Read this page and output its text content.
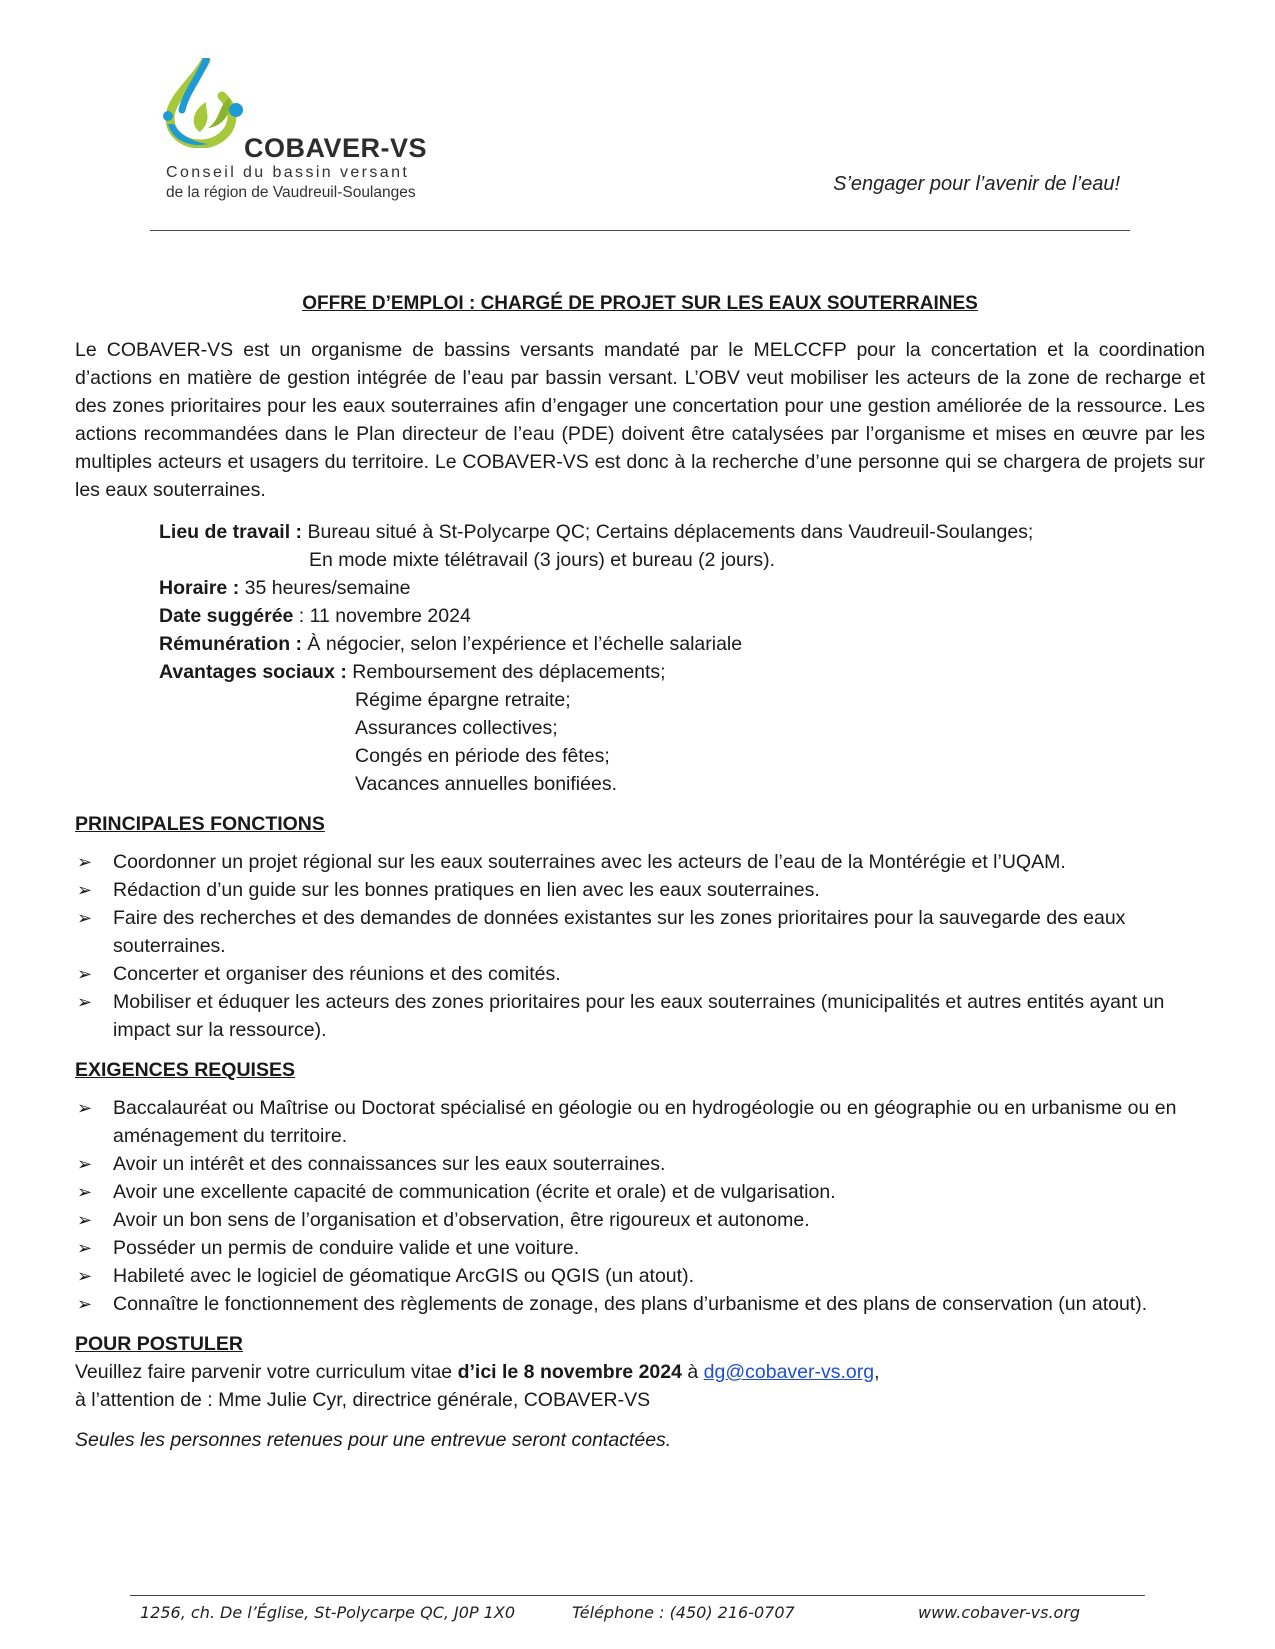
COBAVER-VS
Conseil du bassin versant
de la région de Vaudreuil-Soulanges	S’engager pour l’avenir de l’eau!
OFFRE D’EMPLOI : CHARGÉ DE PROJET SUR LES EAUX SOUTERRAINES
Le COBAVER-VS est un organisme de bassins versants mandaté par le MELCCFP pour la concertation et la coordination d’actions en matière de gestion intégrée de l’eau par bassin versant. L’OBV veut mobiliser les acteurs de la zone de recharge et des zones prioritaires pour les eaux souterraines afin d’engager une concertation pour une gestion améliorée de la ressource. Les actions recommandées dans le Plan directeur de l’eau (PDE) doivent être catalysées par l’organisme et mises en œuvre par les multiples acteurs et usagers du territoire. Le COBAVER-VS est donc à la recherche d’une personne qui se chargera de projets sur les eaux souterraines.
Lieu de travail : Bureau situé à St-Polycarpe QC; Certains déplacements dans Vaudreuil-Soulanges;
En mode mixte télétravail (3 jours) et bureau (2 jours).
Horaire : 35 heures/semaine
Date suggérée : 11 novembre 2024
Rémunération : À négocier, selon l’expérience et l’échelle salariale
Avantages sociaux : Remboursement des déplacements;
Régime épargne retraite;
Assurances collectives;
Congés en période des fêtes;
Vacances annuelles bonifiées.
PRINCIPALES FONCTIONS
➢ Coordonner un projet régional sur les eaux souterraines avec les acteurs de l’eau de la Montérégie et l’UQAM.
➢ Rédaction d’un guide sur les bonnes pratiques en lien avec les eaux souterraines.
➢ Faire des recherches et des demandes de données existantes sur les zones prioritaires pour la sauvegarde des eaux souterraines.
➢ Concerter et organiser des réunions et des comités.
➢ Mobiliser et éduquer les acteurs des zones prioritaires pour les eaux souterraines (municipalités et autres entités ayant un impact sur la ressource).
EXIGENCES REQUISES
➢ Baccalauréat ou Maîtrise ou Doctorat spécialisé en géologie ou en hydrogéologie ou en géographie ou en urbanisme ou en aménagement du territoire.
➢ Avoir un intérêt et des connaissances sur les eaux souterraines.
➢ Avoir une excellente capacité de communication (écrite et orale) et de vulgarisation.
➢ Avoir un bon sens de l’organisation et d’observation, être rigoureux et autonome.
➢ Posséder un permis de conduire valide et une voiture.
➢ Habileté avec le logiciel de géomatique ArcGIS ou QGIS (un atout).
➢ Connaître le fonctionnement des règlements de zonage, des plans d’urbanisme et des plans de conservation (un atout).
POUR POSTULER
Veuillez faire parvenir votre curriculum vitae d’ici le 8 novembre 2024 à dg@cobaver-vs.org,
à l’attention de : Mme Julie Cyr, directrice générale, COBAVER-VS
Seules les personnes retenues pour une entrevue seront contactées.
1256, ch. De l’Église, St-Polycarpe QC, J0P 1X0	Téléphone : (450) 216-0707	www.cobaver-vs.org
